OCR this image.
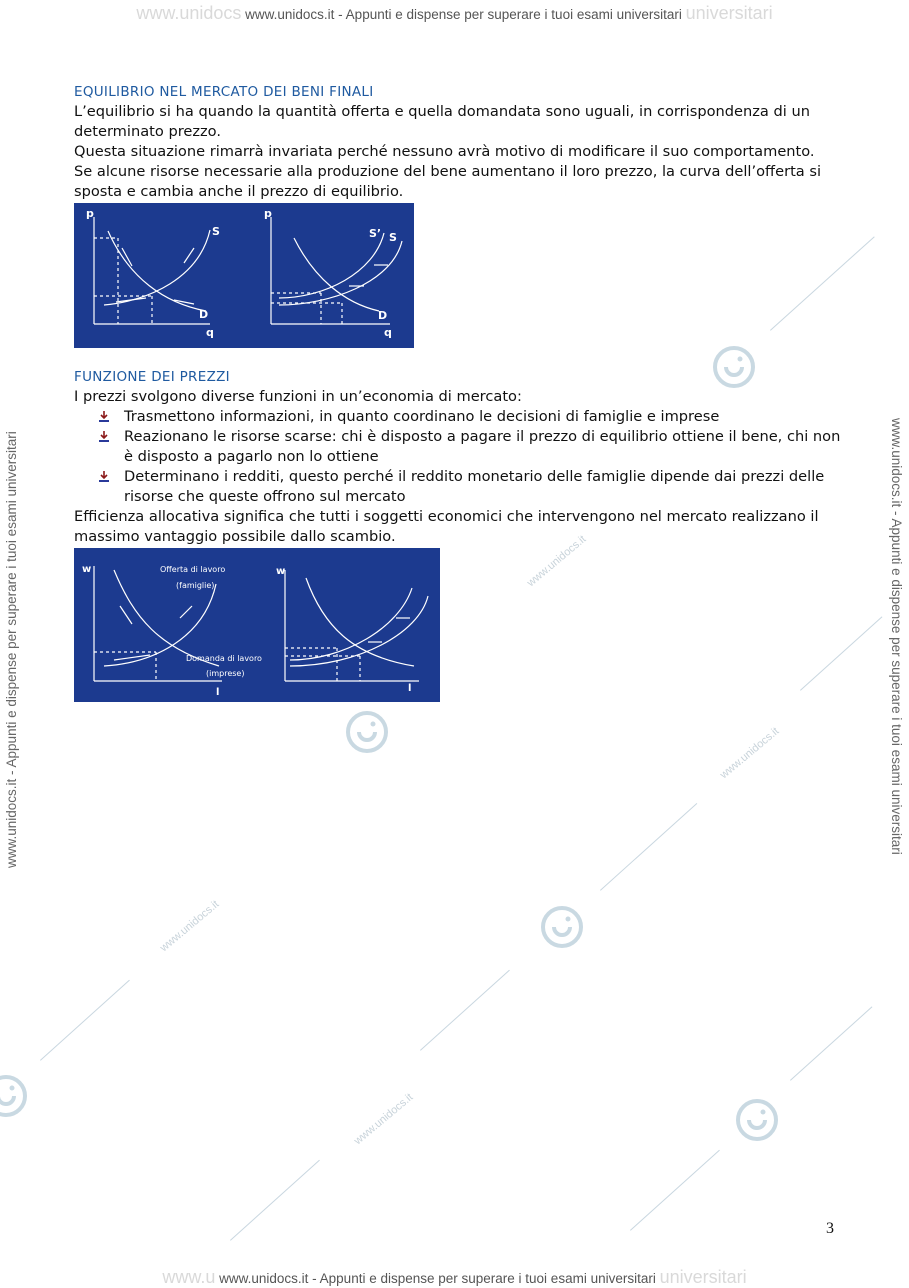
www.unidocs www.unidocs.it - Appunti e dispense per superare i tuoi esami universitari universitari
www.unidocs.it - Appunti e dispense per superare i tuoi esami universitari	www.unidocs.it - Appunti e dispense per superare i tuoi esami universitari
www.unidocs.it
www.unidocs.it
www.unidocs.it
www.unidocs.it
EQUILIBRIO NEL MERCATO DEI BENI FINALI

L’equilibrio si ha quando la quantità offerta e quella domandata sono uguali, in corrispondenza di un determinato prezzo.

Questa situazione rimarrà invariata perché nessuno avrà motivo di modificare il suo comportamento.

Se alcune risorse necessarie alla produzione del bene aumentano il loro prezzo, la curva dell’offerta si sposta e cambia anche il prezzo di equilibrio.

p
q
S
D
p
q
S’ S
D
FUNZIONE DEI PREZZI

I prezzi svolgono diverse funzioni in un’economia di mercato:

Trasmettono informazioni, in quanto coordinano le decisioni di famiglie e imprese
Reazionano le risorse scarse: chi è disposto a pagare il prezzo di equilibrio ottiene il bene, chi non è disposto a pagarlo non lo ottiene
Determinano i redditi, questo perché il reddito monetario delle famiglie dipende dai prezzi delle risorse che queste offrono sul mercato

Efficienza allocativa significa che tutti i soggetti economici che intervengono nel mercato realizzano il massimo vantaggio possibile dallo scambio.

w
l
Offerta di lavoro
(famiglie)
Domanda di lavoro
(imprese)
w
l
3
www.u www.unidocs.it - Appunti e dispense per superare i tuoi esami universitari universitari
